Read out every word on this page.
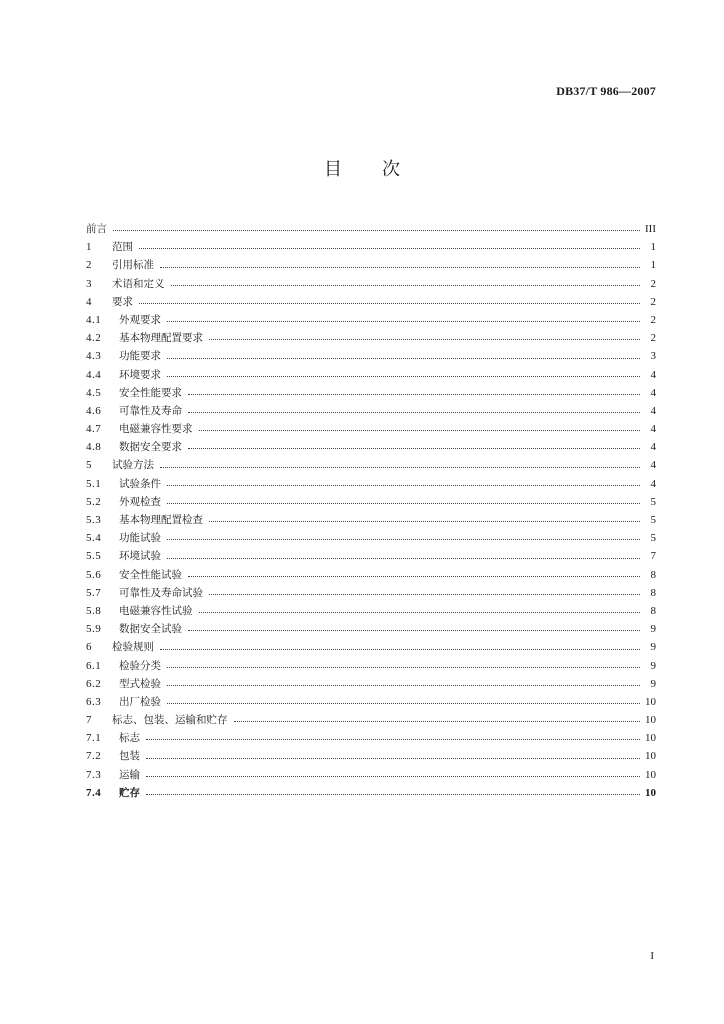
DB37/T 986—2007
目 次
前言	III
1	范围	1
2	引用标准	1
3	术语和定义	2
4	要求	2
4.1	外观要求	2
4.2	基本物理配置要求	2
4.3	功能要求	3
4.4	环境要求	4
4.5	安全性能要求	4
4.6	可靠性及寿命	4
4.7	电磁兼容性要求	4
4.8	数据安全要求	4
5	试验方法	4
5.1	试验条件	4
5.2	外观检查	5
5.3	基本物理配置检查	5
5.4	功能试验	5
5.5	环境试验	7
5.6	安全性能试验	8
5.7	可靠性及寿命试验	8
5.8	电磁兼容性试验	8
5.9	数据安全试验	9
6	检验规则	9
6.1	检验分类	9
6.2	型式检验	9
6.3	出厂检验	10
7	标志、包装、运输和贮存	10
7.1	标志	10
7.2	包装	10
7.3	运输	10
7.4	贮存	10
I
